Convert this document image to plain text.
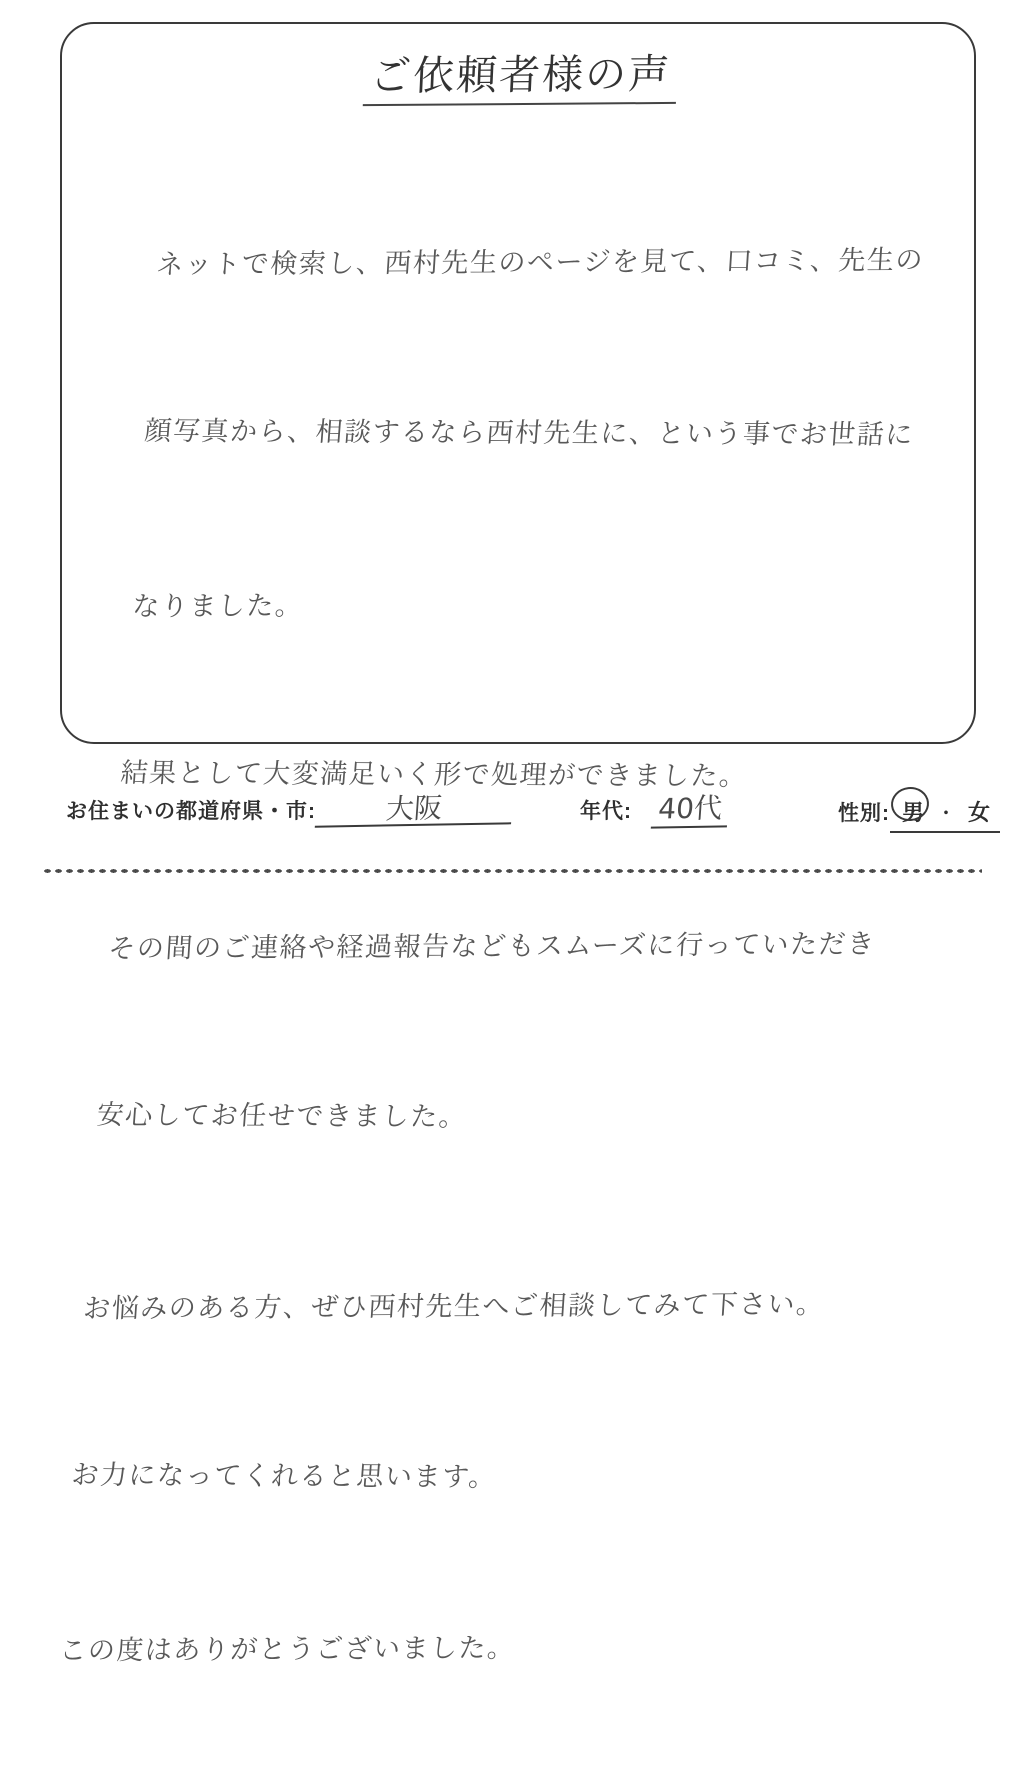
ご依頼者様の声

ネットで検索し、西村先生のページを見て、口コミ、先生の

顔写真から、相談するなら西村先生に、という事でお世話に

なりました。

結果として大変満足いく形で処理ができました。

その間のご連絡や経過報告などもスムーズに行っていただき

安心してお任せできました。

お悩みのある方、ぜひ西村先生へご相談してみて下さい。

お力になってくれると思います。

この度はありがとうございました。

お住まいの都道府県・市:	大阪	年代: 40代	性別: 男 ・ 女
